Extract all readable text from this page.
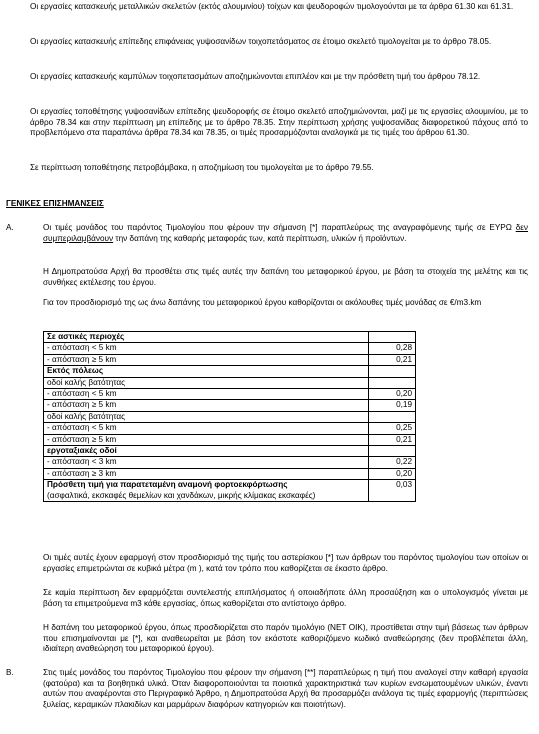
Οι εργασίες κατασκευής μεταλλικών σκελετών (εκτός αλουμινίου) τοίχων και ψευδοροφών τιμολογούνται με τα άρθρα 61.30 και 61.31.

Οι εργασίες κατασκευής επίπεδης επιφάνειας γυψοσανίδων τοιχοπετάσματος σε έτοιμο σκελετό τιμολογείται με το άρθρο 78.05.

Οι εργασίες κατασκευής καμπύλων τοιχοπετασμάτων αποζημιώνονται επιπλέον και με την πρόσθετη τιμή του άρθρου 78.12.

Οι εργασίες τοποθέτησης γυψοσανίδων επίπεδης ψευδοροφής σε έτοιμο σκελετό αποζημιώνονται, μαζί με τις εργασίες αλουμινίου, με το άρθρο 78.34 και στην περίπτωση μη επίπεδης με το άρθρο 78.35. Στην περίπτωση χρήσης γυψοσανίδας διαφορετικού πάχους από το προβλεπόμενο στα παραπάνω άρθρα 78.34 και 78.35, οι τιμές προσαρμόζονται αναλογικά με τις τιμές του άρθρου 61.30.

Σε περίπτωση τοποθέτησης πετροβάμβακα, η αποζημίωση του τιμολογείται με το άρθρο 79.55.

ΓΕΝΙΚΕΣ ΕΠΙΣΗΜΑΝΣΕΙΣ
Α.	Οι τιμές μονάδος του παρόντος Τιμολογίου που φέρουν την σήμανση [*] παραπλεύρως της αναγραφόμενης τιμής σε ΕΥΡΩ δεν συμπεριλαμβάνουν την δαπάνη της καθαρής μεταφοράς των, κατά περίπτωση, υλικών ή προϊόντων.

Η Δημοπρατούσα Αρχή θα προσθέτει στις τιμές αυτές την δαπάνη του μεταφορικού έργου, με βάση τα στοιχεία της μελέτης και τις συνθήκες εκτέλεσης του έργου.

Για τον προσδιορισμό της ως άνω δαπάνης του μεταφορικού έργου καθορίζονται οι ακόλουθες τιμές μονάδας σε €/m3.km

Σε αστικές περιοχές	
- απόσταση < 5 km	0,28
- απόσταση ≥ 5 km	0,21
Εκτός πόλεως	
οδοί καλής βατότητας	
- απόσταση < 5 km	0,20
- απόσταση ≥ 5 km	0,19
οδοί καλής βατότητας	
- απόσταση < 5 km	0,25
- απόσταση ≥ 5 km	0,21
εργοταξιακές οδοί	
- απόσταση < 3 km	0,22
- απόσταση ≥ 3 km	0,20
Πρόσθετη τιμή για παρατεταμένη αναμονή φορτοεκφόρτωσης
(ασφαλτικά, εκσκαφές θεμελίων και χανδάκων, μικρής κλίμακας εκσκαφές)	0,03

Οι τιμές αυτές έχουν εφαρμογή στον προσδιορισμό της τιμής του αστερίσκου [*] των άρθρων του παρόντος τιμολογίου των οποίων οι εργασίες επιμετρώνται σε κυβικά μέτρα (m ), κατά τον τρόπο που καθορίζεται σε έκαστο άρθρο.

Σε καμία περίπτωση δεν εφαρμόζεται συντελεστής επιπλήσματος ή οποιαδήποτε άλλη προσαύξηση και ο υπολογισμός γίνεται με βάση τα επιμετρούμενα m3 κάθε εργασίας, όπως καθορίζεται στο αντίστοιχο άρθρο.

Η δαπάνη του μεταφορικού έργου, όπως προσδιορίζεται στο παρόν τιμολόγιο (ΝΕΤ ΟΙΚ), προστίθεται στην τιμή βάσεως των άρθρων που επισημαίνονται με [*], και αναθεωρείται με βάση τον εκάστοτε καθοριζόμενο κωδικό αναθεώρησης (δεν προβλέπεται άλλη, ιδιαίτερη αναθεώρηση του μεταφορικού έργου).

Β.	Στις τιμές μονάδος του παρόντος Τιμολογίου που φέρουν την σήμανση [**] παραπλεύρως η τιμή που αναλογεί στην καθαρή εργασία (φατούρα) και τα βοηθητικά υλικά. Όταν διαφοροποιούνται τα ποιοτικά χαρακτηριστικά των κυρίων ενσωματουμένων υλικών, έναντι αυτών που αναφέρονται στο Περιγραφικό Άρθρο, η Δημοπρατούσα Αρχή θα προσαρμόζει ανάλογα τις τιμές εφαρμογής (περιπτώσεις ξυλείας, κεραμικών πλακιδίων και μαρμάρων διαφόρων κατηγοριών και ποιοτήτων).
